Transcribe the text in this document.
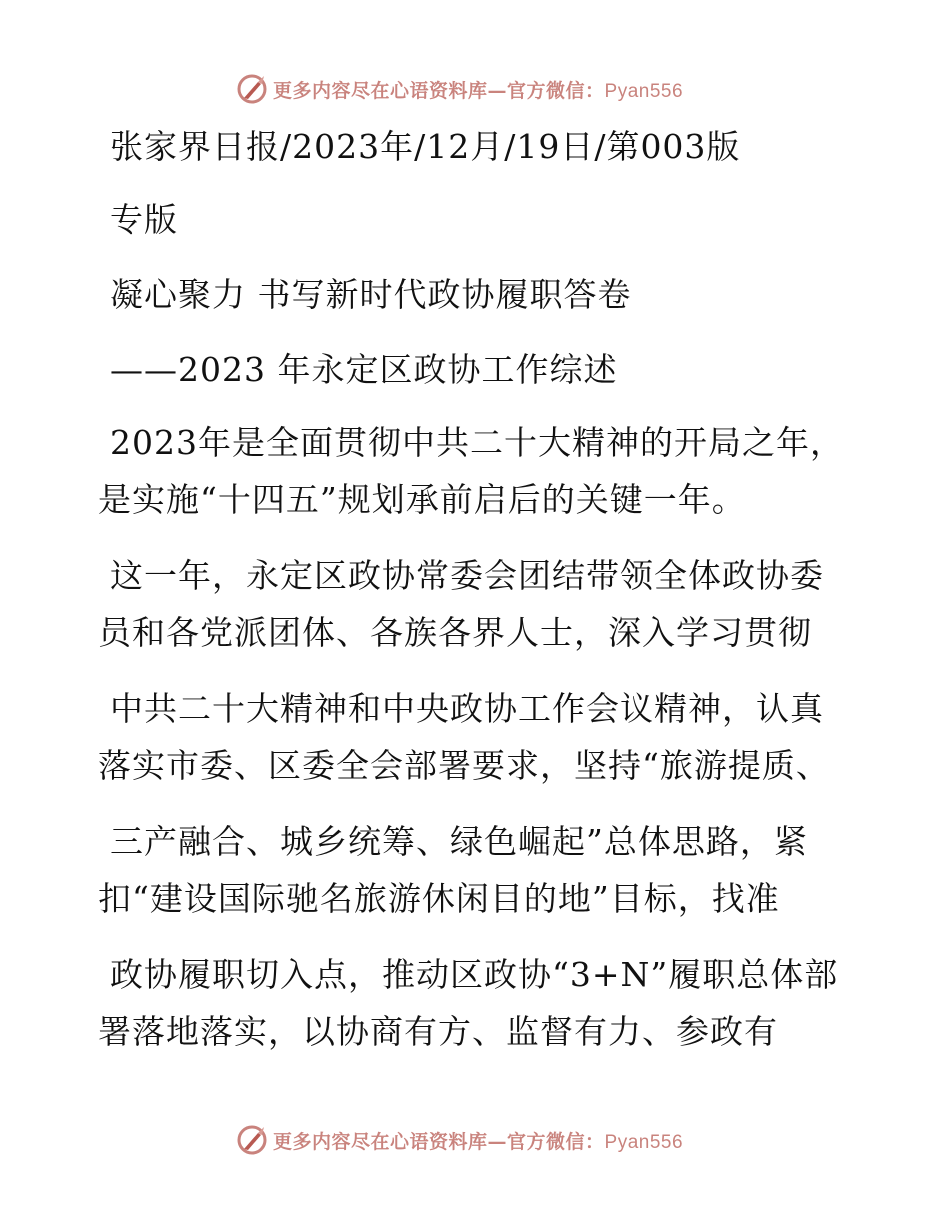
更多内容尽在心语资料库—官方微信：Pyan556
张家界日报/2023年/12月/19日/第003版
专版
凝心聚力 书写新时代政协履职答卷
——2023 年永定区政协工作综述
2023年是全面贯彻中共二十大精神的开局之年，
是实施“十四五”规划承前启后的关键一年。
这一年，永定区政协常委会团结带领全体政协委
员和各党派团体、各族各界人士，深入学习贯彻
中共二十大精神和中央政协工作会议精神，认真
落实市委、区委全会部署要求，坚持“旅游提质、
三产融合、城乡统筹、绿色崛起”总体思路，紧
扣“建设国际驰名旅游休闲目的地”目标，找准
政协履职切入点，推动区政协“3+N”履职总体部
署落地落实，以协商有方、监督有力、参政有
更多内容尽在心语资料库—官方微信：Pyan556
